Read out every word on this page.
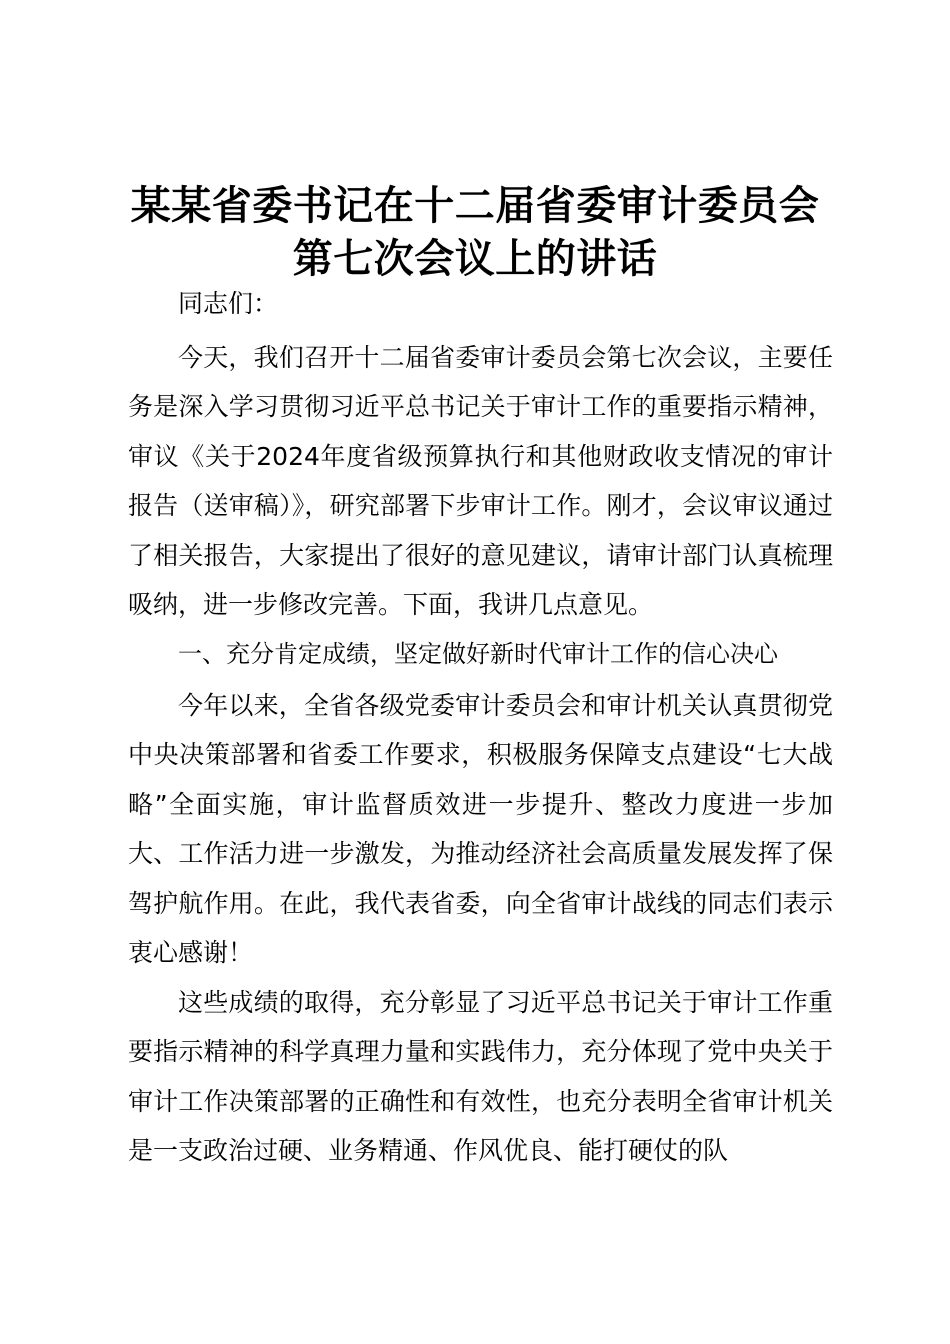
某某省委书记在十二届省委审计委员会
第七次会议上的讲话
同志们：

今天，我们召开十二届省委审计委员会第七次会议，主要任务是深入学习贯彻习近平总书记关于审计工作的重要指示精神，审议《关于2024年度省级预算执行和其他财政收支情况的审计报告（送审稿）》，研究部署下步审计工作。刚才，会议审议通过了相关报告，大家提出了很好的意见建议，请审计部门认真梳理吸纳，进一步修改完善。下面，我讲几点意见。

一、充分肯定成绩，坚定做好新时代审计工作的信心决心

今年以来，全省各级党委审计委员会和审计机关认真贯彻党中央决策部署和省委工作要求，积极服务保障支点建设“七大战略”全面实施，审计监督质效进一步提升、整改力度进一步加大、工作活力进一步激发，为推动经济社会高质量发展发挥了保驾护航作用。在此，我代表省委，向全省审计战线的同志们表示衷心感谢！

这些成绩的取得，充分彰显了习近平总书记关于审计工作重要指示精神的科学真理力量和实践伟力，充分体现了党中央关于审计工作决策部署的正确性和有效性，也充分表明全省审计机关是一支政治过硬、业务精通、作风优良、能打硬仗的队
